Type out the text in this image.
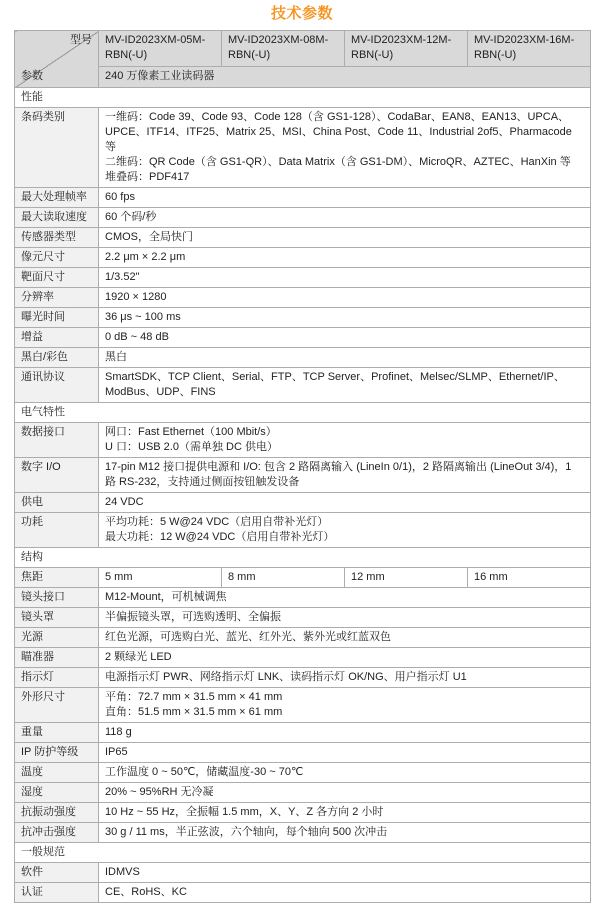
技术参数
型号
参数	MV-ID2023XM-05M-RBN(-U)	MV-ID2023XM-08M-RBN(-U)	MV-ID2023XM-12M-RBN(-U)	MV-ID2023XM-16M-RBN(-U)
	240 万像素工业读码器			
性能				
条码类别	一维码：Code 39、Code 93、Code 128（含 GS1-128）、CodaBar、EAN8、EAN13、UPCA、UPCE、ITF14、ITF25、Matrix 25、MSI、China Post、Code 11、Industrial 2of5、Pharmacode 等
二维码：QR Code（含 GS1-QR）、Data Matrix（含 GS1-DM）、MicroQR、AZTEC、HanXin 等
堆叠码：PDF417			

最大处理帧率	60 fps			

最大读取速度	60 个码/秒			

传感器类型	CMOS，全局快门			

像元尺寸	2.2 μm × 2.2 μm			

靶面尺寸	1/3.52"			

分辨率	1920 × 1280			

曝光时间	36 μs ~ 100 ms			

增益	0 dB ~ 48 dB			

黑白/彩色	黑白			

通讯协议	SmartSDK、TCP Client、Serial、FTP、TCP Server、Profinet、Melsec/SLMP、Ethernet/IP、ModBus、UDP、FINS			

电气特性				
数据接口	网口：Fast Ethernet（100 Mbit/s）
U 口：USB 2.0（需单独 DC 供电）			

数字 I/O	17-pin M12 接口提供电源和 I/O: 包含 2 路隔离输入 (LineIn 0/1)，2 路隔离输出 (LineOut 3/4)，1 路 RS-232，支持通过侧面按钮触发设备			

供电	24 VDC			

功耗	平均功耗：5 W@24 VDC（启用自带补光灯）
最大功耗：12 W@24 VDC（启用自带补光灯）			

结构				
焦距	5 mm	8 mm	12 mm	16 mm
镜头接口	M12-Mount，可机械调焦			

镜头罩	半偏振镜头罩，可选购透明、全偏振			

光源	红色光源，可选购白光、蓝光、红外光、紫外光或红蓝双色			

瞄准器	2 颗绿光 LED			

指示灯	电源指示灯 PWR、网络指示灯 LNK、读码指示灯 OK/NG、用户指示灯 U1			

外形尺寸	平角：72.7 mm × 31.5 mm × 41 mm
直角：51.5 mm × 31.5 mm × 61 mm			

重量	118 g			

IP 防护等级	IP65			

温度	工作温度 0 ~ 50℃，储藏温度-30 ~ 70℃			

湿度	20% ~ 95%RH 无冷凝			

抗振动强度	10 Hz ~ 55 Hz，全振幅 1.5 mm，X、Y、Z 各方向 2 小时			

抗冲击强度	30 g / 11 ms，半正弦波，六个轴向，每个轴向 500 次冲击			

一般规范				
软件	IDMVS			

认证	CE、RoHS、KC			
